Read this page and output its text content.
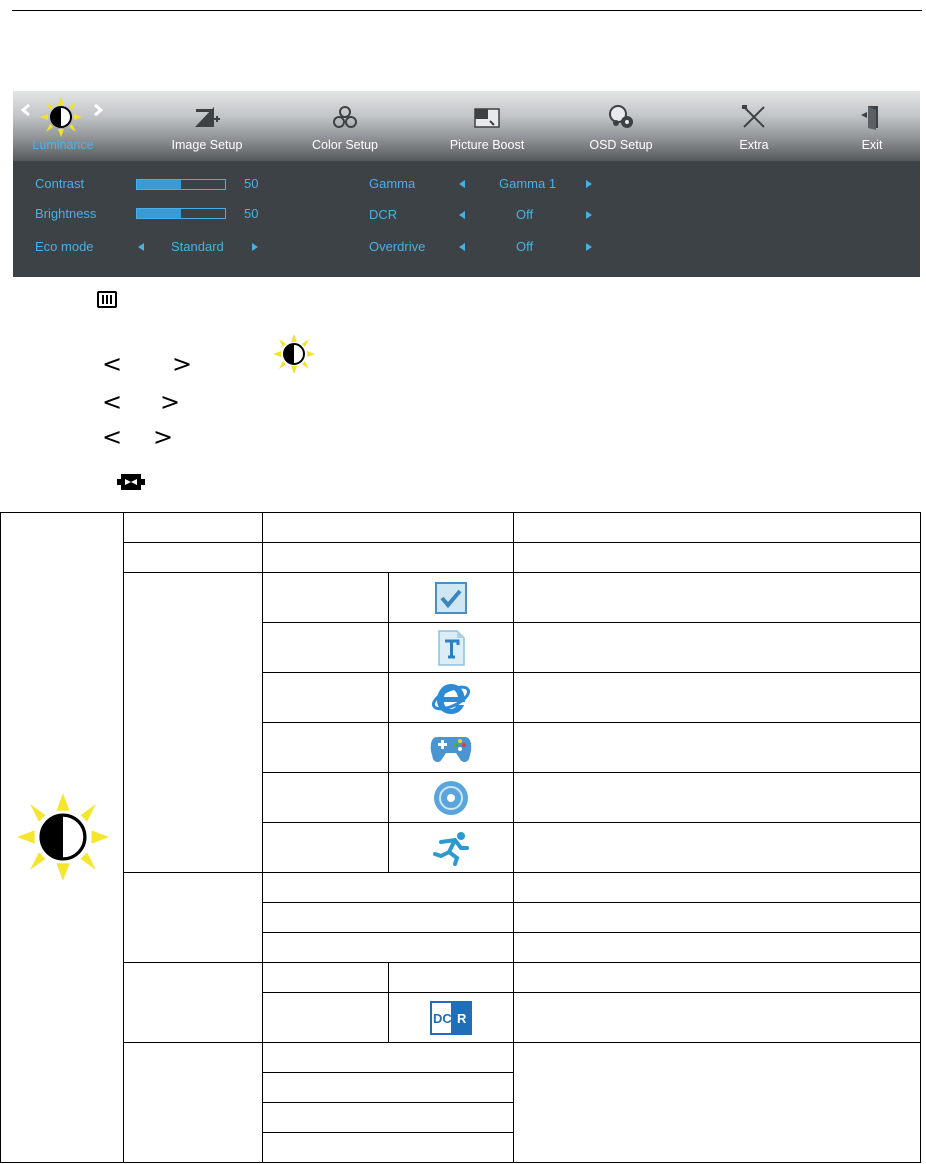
Luminance	Image Setup	Color Setup	Picture Boost	OSD Setup	Extra	Exit
Contrast	50
Brightness	50
Eco mode	Standard
Gamma	Gamma 1
DCR	Off
Overdrive	Off
< >
< >
< >

DC R	
